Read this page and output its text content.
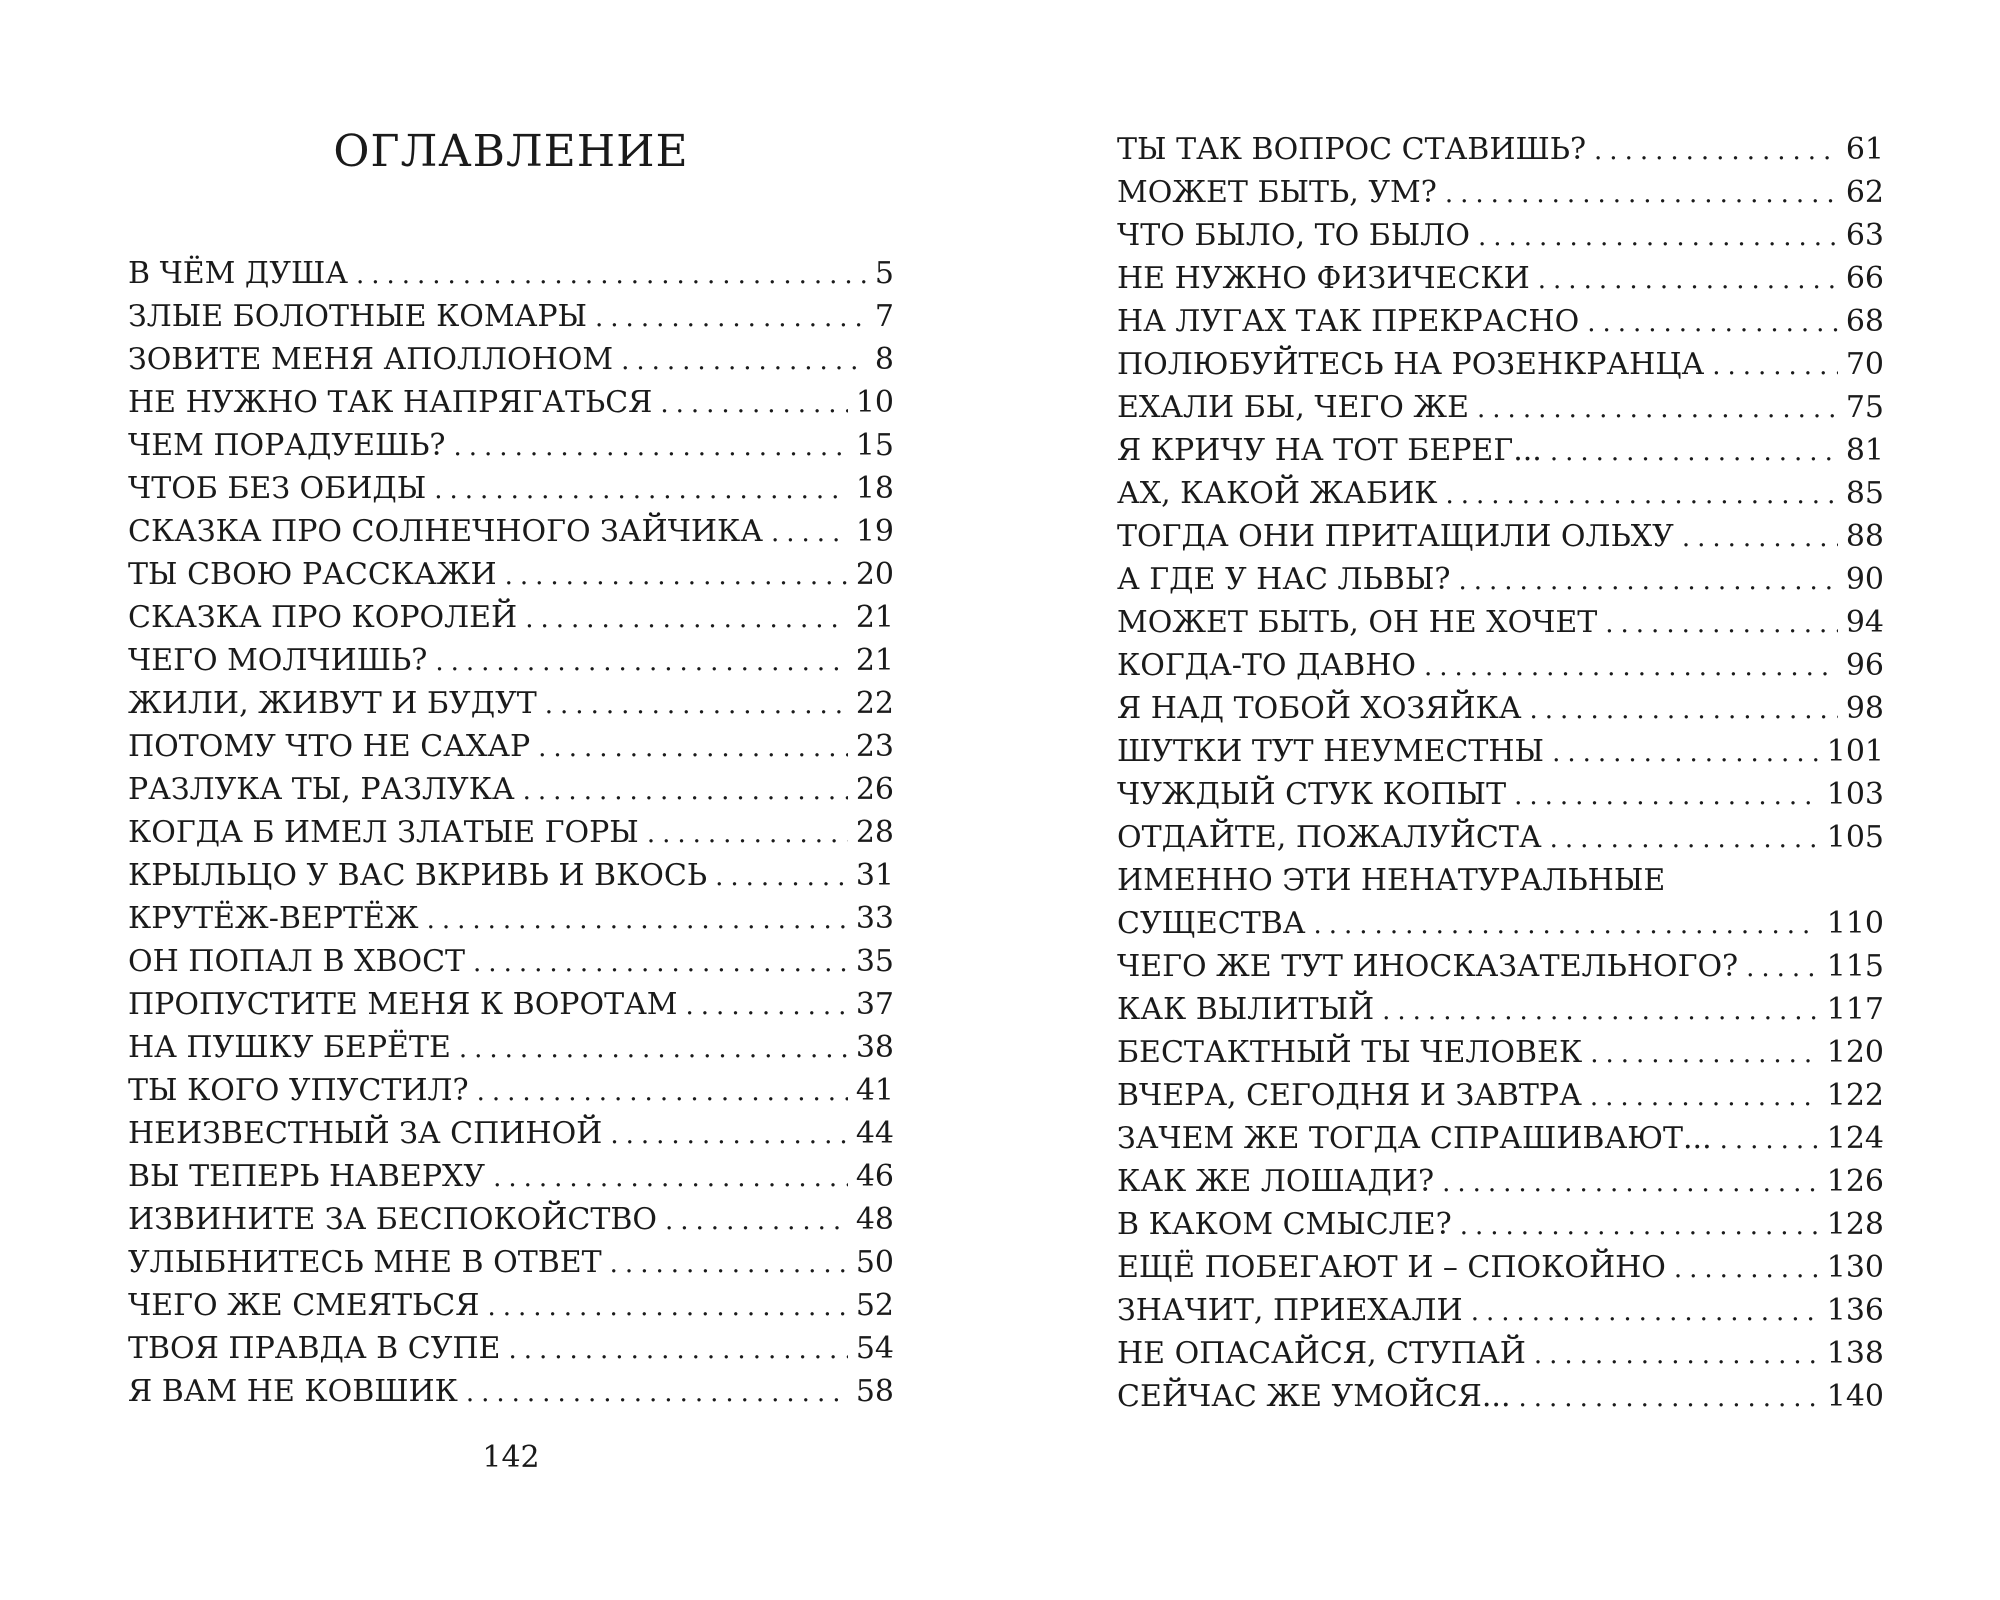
ОГЛАВЛЕНИЕ
В ЧЁМ ДУША .....	5
ЗЛЫЕ БОЛОТНЫЕ КОМАРЫ .....	7
ЗОВИТЕ МЕНЯ АПОЛЛОНОМ .....	8
НЕ НУЖНО ТАК НАПРЯГАТЬСЯ .....	10
ЧЕМ ПОРАДУЕШЬ? .....	15
ЧТОБ БЕЗ ОБИДЫ .....	18
СКАЗКА ПРО СОЛНЕЧНОГО ЗАЙЧИКА .....	19
ТЫ СВОЮ РАССКАЖИ .....	20
СКАЗКА ПРО КОРОЛЕЙ .....	21
ЧЕГО МОЛЧИШЬ? .....	21
ЖИЛИ, ЖИВУТ И БУДУТ .....	22
ПОТОМУ ЧТО НЕ САХАР .....	23
РАЗЛУКА ТЫ, РАЗЛУКА .....	26
КОГДА Б ИМЕЛ ЗЛАТЫЕ ГОРЫ .....	28
КРЫЛЬЦО У ВАС ВКРИВЬ И ВКОСЬ .....	31
КРУТЁЖ-ВЕРТЁЖ .....	33
ОН ПОПАЛ В ХВОСТ .....	35
ПРОПУСТИТЕ МЕНЯ К ВОРОТАМ .....	37
НА ПУШКУ БЕРЁТЕ .....	38
ТЫ КОГО УПУСТИЛ? .....	41
НЕИЗВЕСТНЫЙ ЗА СПИНОЙ .....	44
ВЫ ТЕПЕРЬ НАВЕРХУ .....	46
ИЗВИНИТЕ ЗА БЕСПОКОЙСТВО .....	48
УЛЫБНИТЕСЬ МНЕ В ОТВЕТ .....	50
ЧЕГО ЖЕ СМЕЯТЬСЯ .....	52
ТВОЯ ПРАВДА В СУПЕ .....	54
Я ВАМ НЕ КОВШИК .....	58
142
ТЫ ТАК ВОПРОС СТАВИШЬ? .....	61
МОЖЕТ БЫТЬ, УМ? .....	62
ЧТО БЫЛО, ТО БЫЛО .....	63
НЕ НУЖНО ФИЗИЧЕСКИ .....	66
НА ЛУГАХ ТАК ПРЕКРАСНО .....	68
ПОЛЮБУЙТЕСЬ НА РОЗЕНКРАНЦА .....	70
ЕХАЛИ БЫ, ЧЕГО ЖЕ .....	75
Я КРИЧУ НА ТОТ БЕРЕГ... .....	81
АХ, КАКОЙ ЖАБИК .....	85
ТОГДА ОНИ ПРИТАЩИЛИ ОЛЬХУ .....	88
А ГДЕ У НАС ЛЬВЫ? .....	90
МОЖЕТ БЫТЬ, ОН НЕ ХОЧЕТ .....	94
КОГДА-ТО ДАВНО .....	96
Я НАД ТОБОЙ ХОЗЯЙКА .....	98
ШУТКИ ТУТ НЕУМЕСТНЫ .....	101
ЧУЖДЫЙ СТУК КОПЫТ .....	103
ОТДАЙТЕ, ПОЖАЛУЙСТА .....	105
ИМЕННО ЭТИ НЕНАТУРАЛЬНЫЕ
СУЩЕСТВА .....	110
ЧЕГО ЖЕ ТУТ ИНОСКАЗАТЕЛЬНОГО? .....	115
КАК ВЫЛИТЫЙ .....	117
БЕСТАКТНЫЙ ТЫ ЧЕЛОВЕК .....	120
ВЧЕРА, СЕГОДНЯ И ЗАВТРА .....	122
ЗАЧЕМ ЖЕ ТОГДА СПРАШИВАЮТ... .....	124
КАК ЖЕ ЛОШАДИ? .....	126
В КАКОМ СМЫСЛЕ? .....	128
ЕЩЁ ПОБЕГАЮТ И – СПОКОЙНО .....	130
ЗНАЧИТ, ПРИЕХАЛИ .....	136
НЕ ОПАСАЙСЯ, СТУПАЙ .....	138
СЕЙЧАС ЖЕ УМОЙСЯ... .....	140
